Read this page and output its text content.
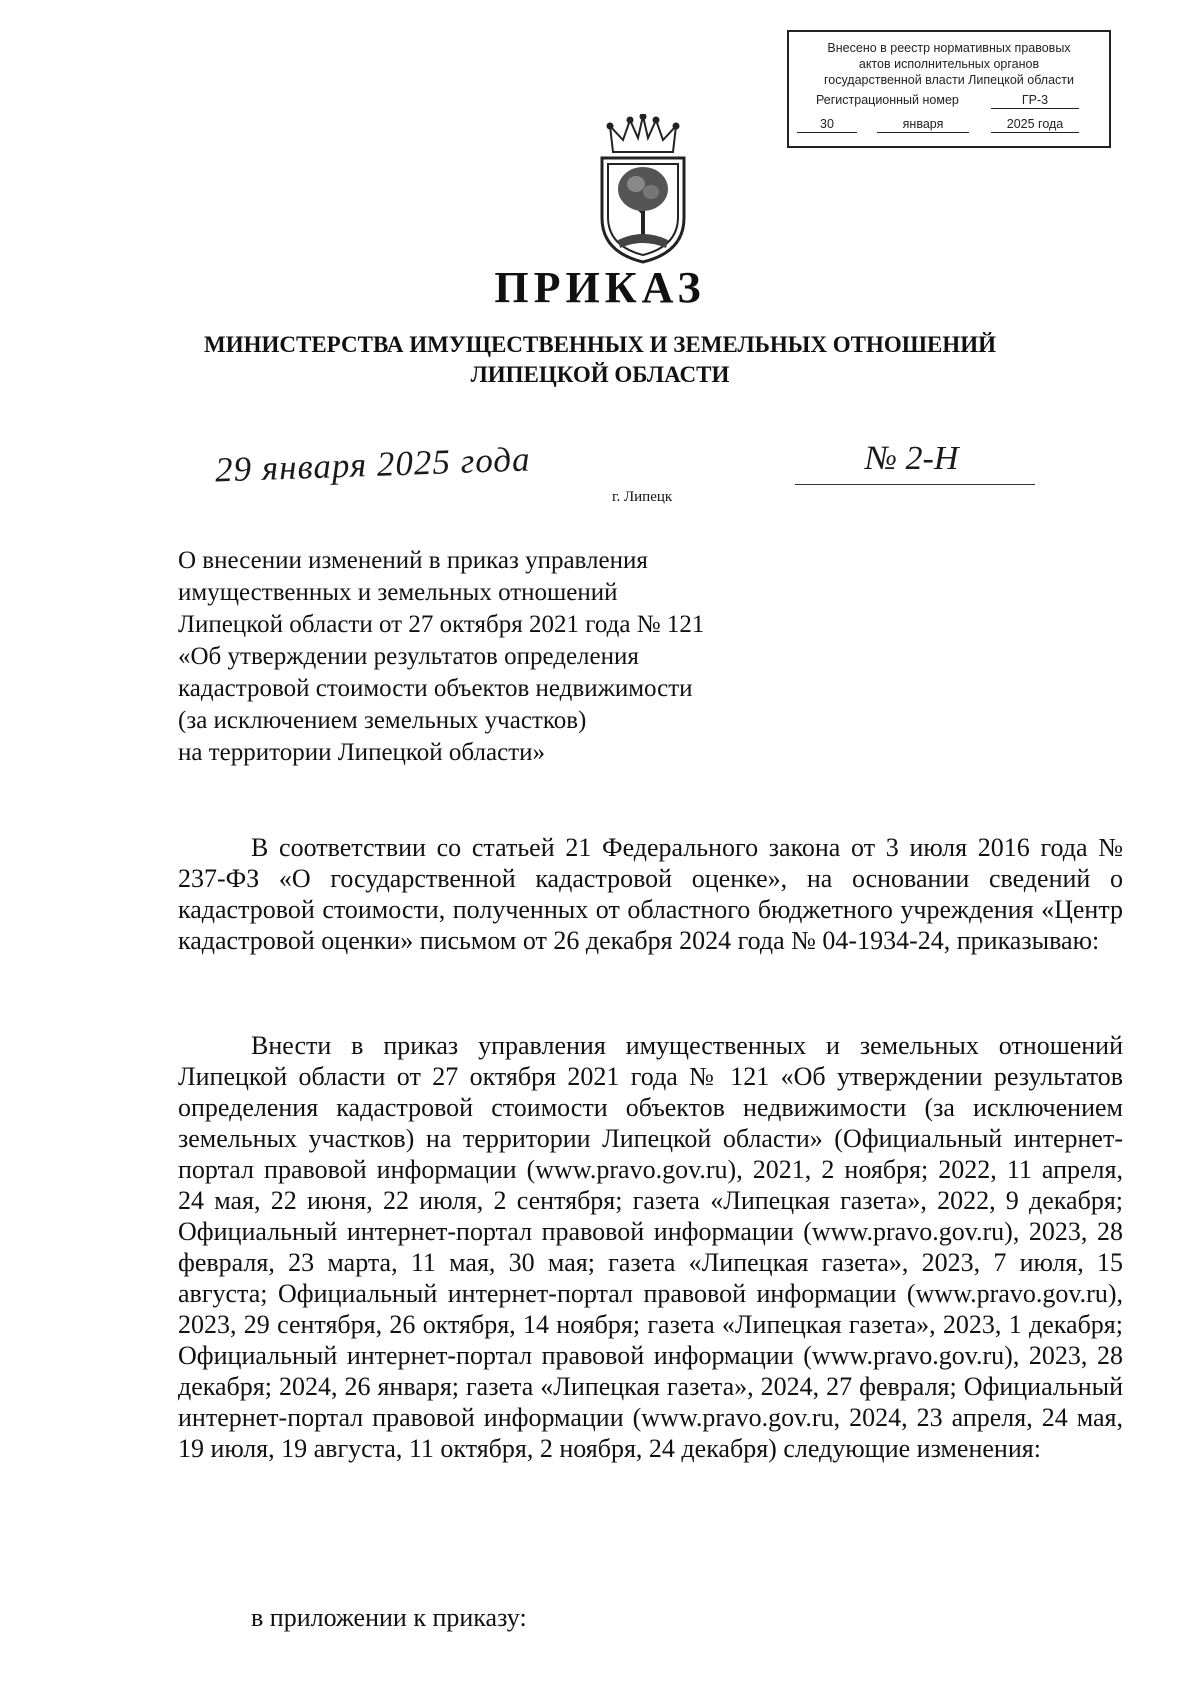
Внесено в реестр нормативных правовых
актов исполнительных органов
государственной власти Липецкой области
Регистрационный номер	ГР-3
30	января	2025 года
ПРИКАЗ
МИНИСТЕРСТВА ИМУЩЕСТВЕННЫХ И ЗЕМЕЛЬНЫХ ОТНОШЕНИЙ
ЛИПЕЦКОЙ ОБЛАСТИ
29 января 2025 года	№ 2-Н
г. Липецк
О внесении изменений в приказ управления
имущественных и земельных отношений
Липецкой области от 27 октября 2021 года № 121
«Об утверждении результатов определения
кадастровой стоимости объектов недвижимости
(за исключением земельных участков)
на территории Липецкой области»
В соответствии со статьей 21 Федерального закона от 3 июля 2016 года № 237-ФЗ «О государственной кадастровой оценке», на основании сведений о кадастровой стоимости, полученных от областного бюджетного учреждения «Центр кадастровой оценки» письмом от 26 декабря 2024 года № 04-1934-24, приказываю:
Внести в приказ управления имущественных и земельных отношений Липецкой области от 27 октября 2021 года № 121 «Об утверждении результатов определения кадастровой стоимости объектов недвижимости (за исключением земельных участков) на территории Липецкой области» (Официальный интернет-портал правовой информации (www.pravo.gov.ru), 2021, 2 ноября; 2022, 11 апреля, 24 мая, 22 июня, 22 июля, 2 сентября; газета «Липецкая газета», 2022, 9 декабря; Официальный интернет-портал правовой информации (www.pravo.gov.ru), 2023, 28 февраля, 23 марта, 11 мая, 30 мая; газета «Липецкая газета», 2023, 7 июля, 15 августа; Официальный интернет-портал правовой информации (www.pravo.gov.ru), 2023, 29 сентября, 26 октября, 14 ноября; газета «Липецкая газета», 2023, 1 декабря; Официальный интернет-портал правовой информации (www.pravo.gov.ru), 2023, 28 декабря; 2024, 26 января; газета «Липецкая газета», 2024, 27 февраля; Официальный интернет-портал правовой информации (www.pravo.gov.ru, 2024, 23 апреля, 24 мая, 19 июля, 19 августа, 11 октября, 2 ноября, 24 декабря) следующие изменения:
в приложении к приказу:
